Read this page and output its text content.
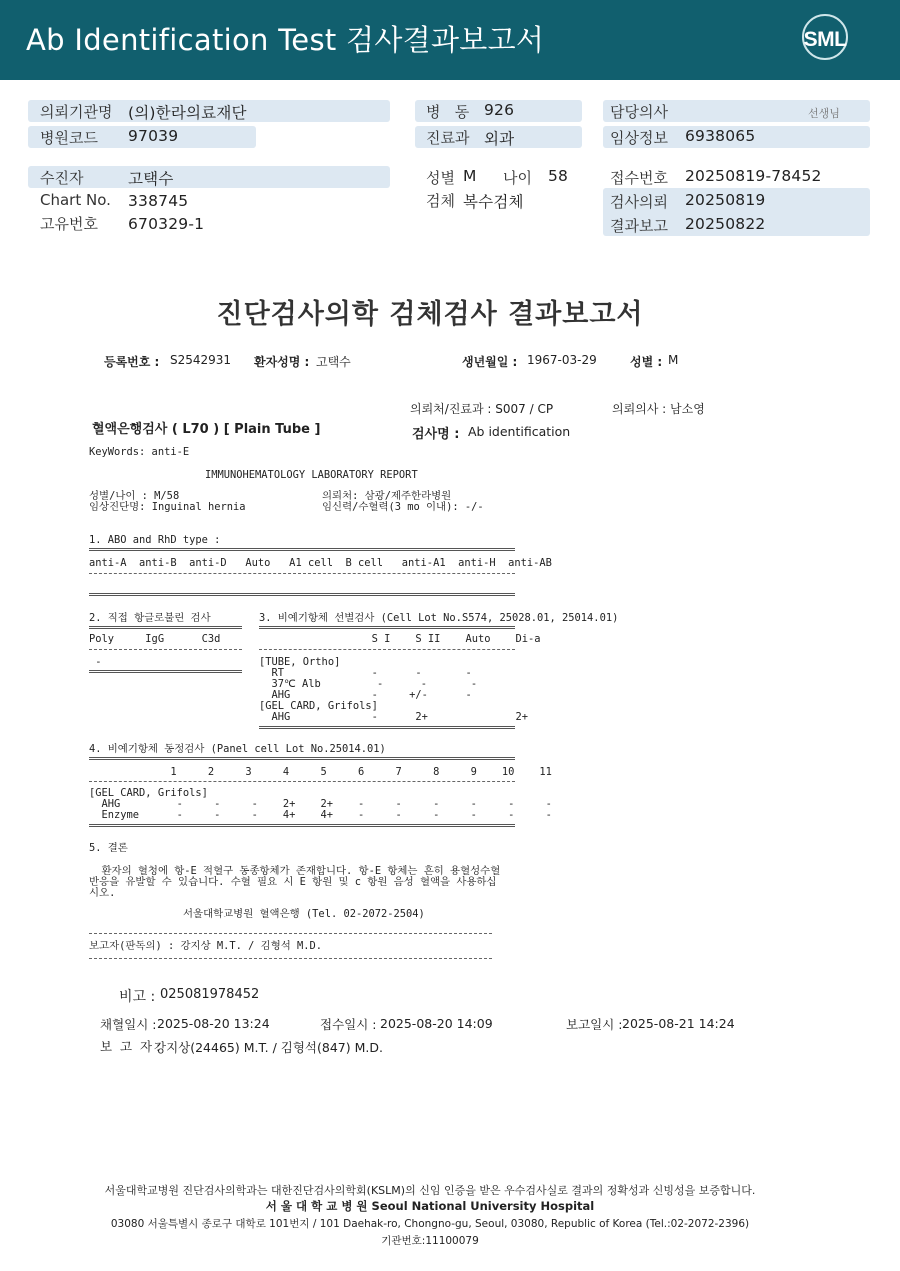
Ab Identification Test 검사결과보고서	SML
의뢰기관명 (의)한라의료재단
병원코드 97039
병   동 926
진료과 외과
담당의사	선생님
임상정보 6938065
수진자	고택수
Chart No. 338745
고유번호 670329-1
성별 M 나이 58
검체 복수검체
접수번호 20250819-78452
검사의뢰 20250819
결과보고 20250822
진단검사의학 검체검사 결과보고서
등록번호 : S2542931 환자성명 : 고택수	생년월일 : 1967-03-29	성별 : M
의뢰처/진료과 : S007 / CP	의뢰의사 : 남소영
혈액은행검사 ( L70 ) [ Plain Tube ]	검사명 : Ab identification
KeyWords: anti-E
IMMUNOHEMATOLOGY LABORATORY REPORT
성별/나이 : M/58
임상진단명: Inguinal hernia
의뢰처: 삼광/제주한라병원
임신력/수혈력(3 mo 이내): -/-
1. ABO and RhD type :
anti-A  anti-B  anti-D   Auto   A1 cell  B cell   anti-A1  anti-H  anti-AB
2. 직접 항글로불린 검사
Poly     IgG      C3d
-
3. 비예기항체 선별검사 (Cell Lot No.S574, 25028.01, 25014.01)
S I    S II    Auto    Di-a
[TUBE, Ortho]
RT              -      -       -
37℃ Alb         -      -       -
AHG             -     +/-      -
[GEL CARD, Grifols]
AHG             -      2+              2+
4. 비예기항체 동정검사 (Panel cell Lot No.25014.01)
1     2     3     4     5     6     7     8     9    10    11
[GEL CARD, Grifols]
AHG         -     -     -    2+    2+    -     -     -     -     -     -
Enzyme      -     -     -    4+    4+    -     -     -     -     -     -
5. 결론
환자의 혈청에 항-E 적혈구 동종항체가 존재합니다. 항-E 항체는 흔히 용혈성수혈
반응을 유발할 수 있습니다. 수혈 필요 시 E 항원 및 c 항원 음성 혈액을 사용하십
시오.
서울대학교병원 혈액은행 (Tel. 02-2072-2504)
보고자(판독의) : 강지상 M.T. / 김형석 M.D.
비고 : 025081978452
채혈일시 : 2025-08-20 13:24	접수일시 : 2025-08-20 14:09	보고일시 : 2025-08-21 14:24
보  고  자 :
강지상(24465) M.T. / 김형석(847) M.D.
서울대학교병원 진단검사의학과는 대한진단검사의학회(KSLM)의 신임 인증을 받은 우수검사실로 결과의 정확성과 신빙성을 보증합니다.
서 울 대 학 교 병 원 Seoul National University Hospital
03080 서울특별시 종로구 대학로 101번지 / 101 Daehak-ro, Chongno-gu, Seoul, 03080, Republic of Korea (Tel.:02-2072-2396)
기관번호:11100079
